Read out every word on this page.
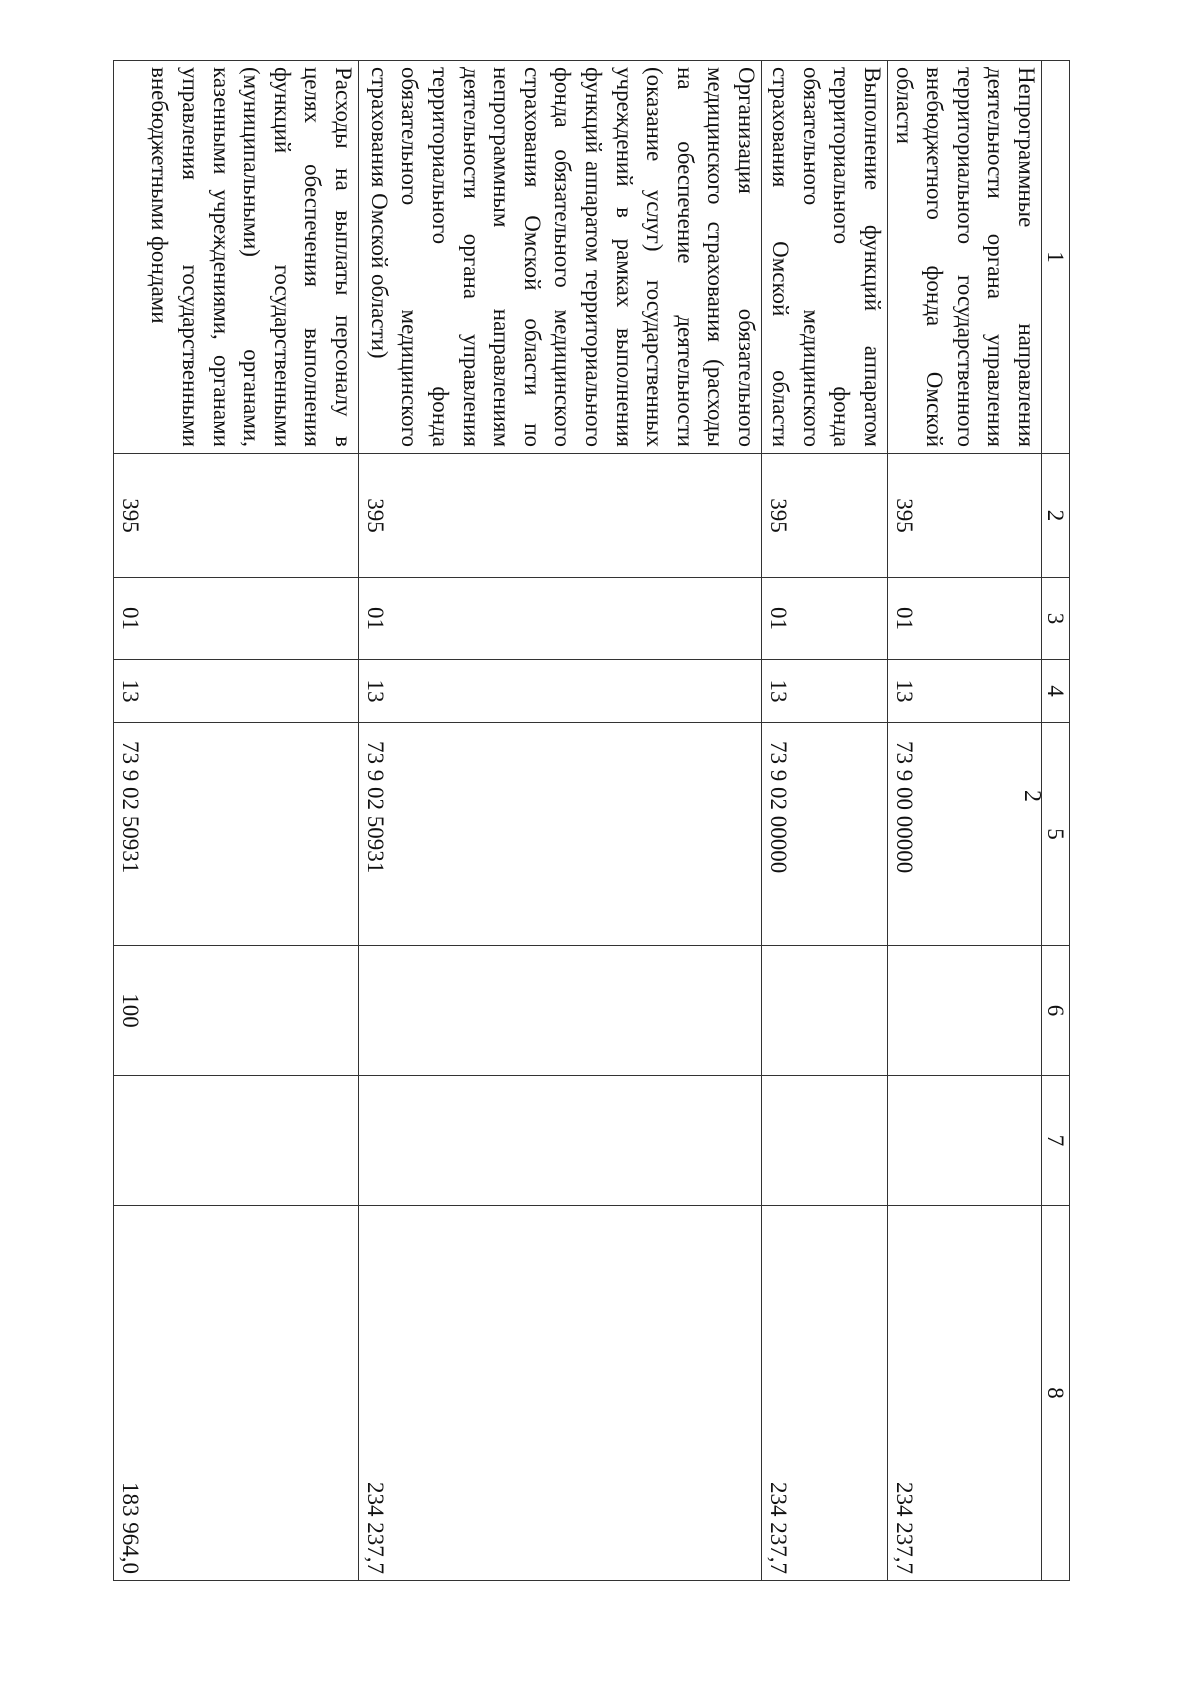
2
1	2	3	4	5	6	7	8
Непрограммные направления деятельности органа управления территориального государственного внебюджетного фонда Омской области	395	01	13	73 9 00 00000			234 237,7
Выполнение функций аппаратом территориального фонда обязательного медицинского страхования Омской области	395	01	13	73 9 02 00000			234 237,7
Организация обязательного медицинского страхования (расходы на обеспечение деятельности (оказание услуг) государственных учреждений в рамках выполнения функций аппаратом территориального фонда обязательного медицинского страхования Омской области по непрограммным направлениям деятельности органа управления территориального фонда обязательного медицинского страхования Омской области)	395	01	13	73 9 02 50931			234 237,7
Расходы на выплаты персоналу в целях обеспечения выполнения функций государственными (муниципальными) органами, казенными учреждениями, органами управления государственными внебюджетными фондами	395	01	13	73 9 02 50931	100		183 964,0
